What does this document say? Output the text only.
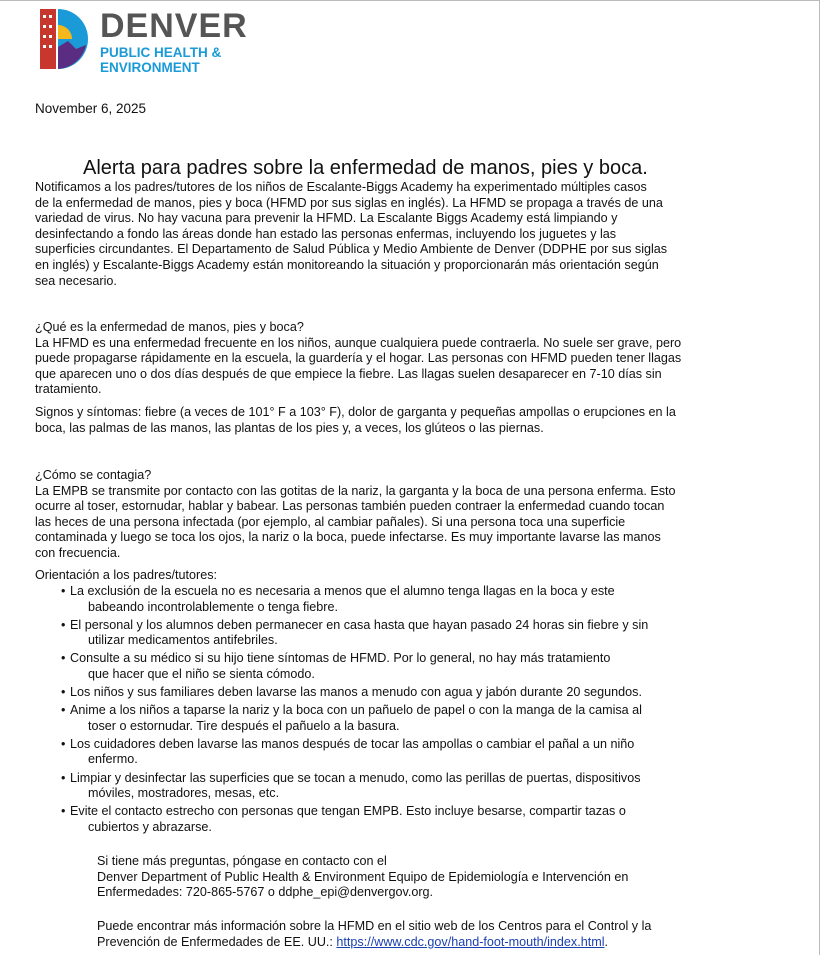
DENVER
PUBLIC HEALTH &
ENVIRONMENT
November 6, 2025
Alerta para padres sobre la enfermedad de manos, pies y boca.
Notificamos a los padres/tutores de los niños de Escalante-Biggs Academy ha experimentado múltiples casos
de la enfermedad de manos, pies y boca (HFMD por sus siglas en inglés). La HFMD se propaga a través de una
variedad de virus. No hay vacuna para prevenir la HFMD. La Escalante Biggs Academy está limpiando y
desinfectando a fondo las áreas donde han estado las personas enfermas, incluyendo los juguetes y las
superficies circundantes. El Departamento de Salud Pública y Medio Ambiente de Denver (DDPHE por sus siglas
en inglés) y Escalante-Biggs Academy están monitoreando la situación y proporcionarán más orientación según
sea necesario.
¿Qué es la enfermedad de manos, pies y boca?
La HFMD es una enfermedad frecuente en los niños, aunque cualquiera puede contraerla. No suele ser grave, pero
puede propagarse rápidamente en la escuela, la guardería y el hogar. Las personas con HFMD pueden tener llagas
que aparecen uno o dos días después de que empiece la fiebre. Las llagas suelen desaparecer en 7-10 días sin
tratamiento.
Signos y síntomas: fiebre (a veces de 101° F a 103° F), dolor de garganta y pequeñas ampollas o erupciones en la
boca, las palmas de las manos, las plantas de los pies y, a veces, los glúteos o las piernas.
¿Cómo se contagia?
La EMPB se transmite por contacto con las gotitas de la nariz, la garganta y la boca de una persona enferma. Esto
ocurre al toser, estornudar, hablar y babear. Las personas también pueden contraer la enfermedad cuando tocan
las heces de una persona infectada (por ejemplo, al cambiar pañales). Si una persona toca una superficie
contaminada y luego se toca los ojos, la nariz o la boca, puede infectarse. Es muy importante lavarse las manos
con frecuencia.
Orientación a los padres/tutores:
• La exclusión de la escuela no es necesaria a menos que el alumno tenga llagas en la boca y este
babeando incontrolablemente o tenga fiebre.
• El personal y los alumnos deben permanecer en casa hasta que hayan pasado 24 horas sin fiebre y sin
utilizar medicamentos antifebriles.
• Consulte a su médico si su hijo tiene síntomas de HFMD. Por lo general, no hay más tratamiento
que hacer que el niño se sienta cómodo.
• Los niños y sus familiares deben lavarse las manos a menudo con agua y jabón durante 20 segundos.
• Anime a los niños a taparse la nariz y la boca con un pañuelo de papel o con la manga de la camisa al
toser o estornudar. Tire después el pañuelo a la basura.
• Los cuidadores deben lavarse las manos después de tocar las ampollas o cambiar el pañal a un niño
enfermo.
• Limpiar y desinfectar las superficies que se tocan a menudo, como las perillas de puertas, dispositivos
móviles, mostradores, mesas, etc.
• Evite el contacto estrecho con personas que tengan EMPB. Esto incluye besarse, compartir tazas o
cubiertos y abrazarse.
Si tiene más preguntas, póngase en contacto con el
Denver Department of Public Health & Environment Equipo de Epidemiología e Intervención en
Enfermedades: 720-865-5767 o ddphe_epi@denvergov.org.
Puede encontrar más información sobre la HFMD en el sitio web de los Centros para el Control y la
Prevención de Enfermedades de EE. UU.: https://www.cdc.gov/hand-foot-mouth/index.html.
